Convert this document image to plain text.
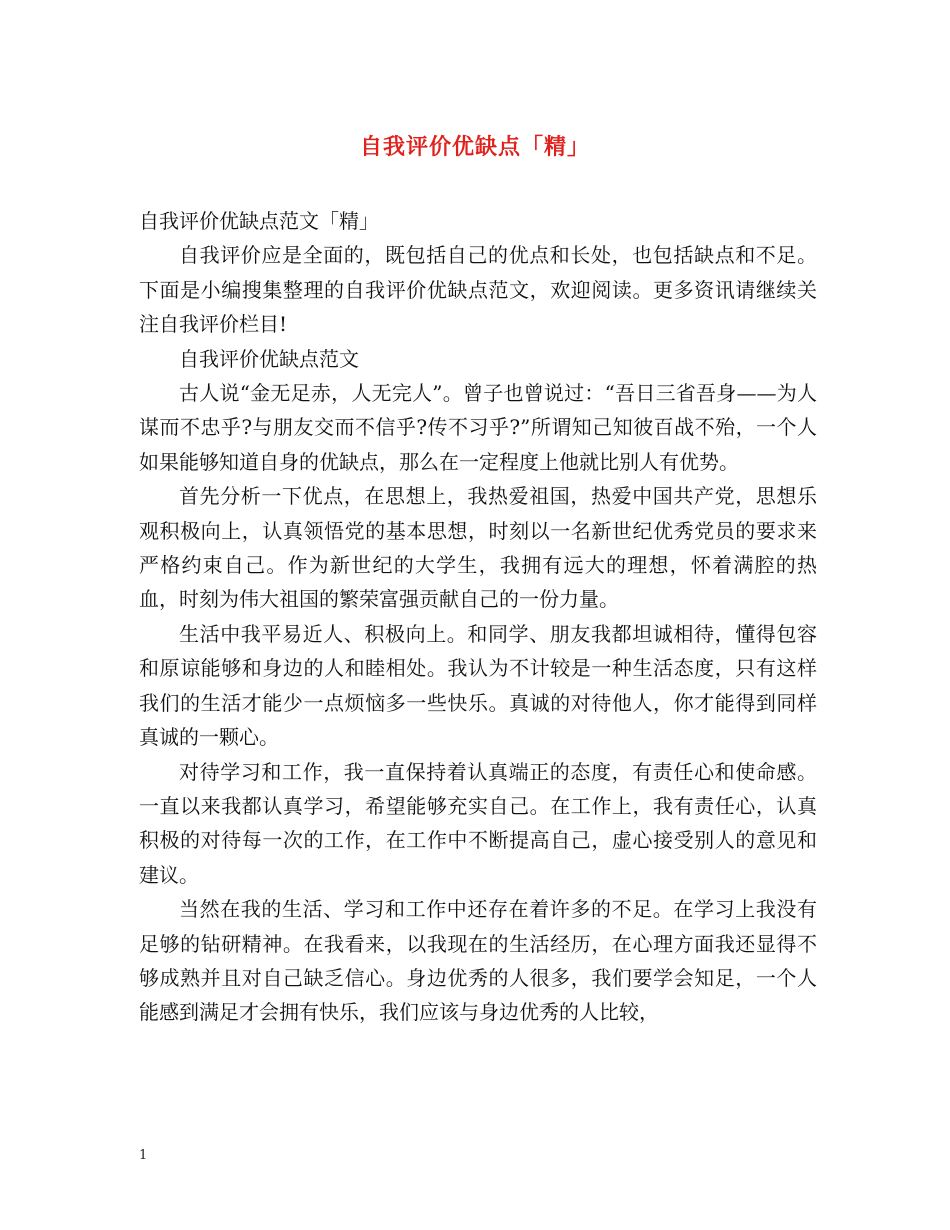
自我评价优缺点「精」

自我评价优缺点范文「精」

自我评价应是全面的，既包括自己的优点和长处，也包括缺点和不足。下面是小编搜集整理的自我评价优缺点范文，欢迎阅读。更多资讯请继续关注自我评价栏目!

自我评价优缺点范文

古人说“金无足赤，人无完人”。曾子也曾说过：“吾日三省吾身——为人谋而不忠乎?与朋友交而不信乎?传不习乎?”所谓知己知彼百战不殆，一个人如果能够知道自身的优缺点，那么在一定程度上他就比别人有优势。

首先分析一下优点，在思想上，我热爱祖国，热爱中国共产党，思想乐观积极向上，认真领悟党的基本思想，时刻以一名新世纪优秀党员的要求来严格约束自己。作为新世纪的大学生，我拥有远大的理想，怀着满腔的热血，时刻为伟大祖国的繁荣富强贡献自己的一份力量。

生活中我平易近人、积极向上。和同学、朋友我都坦诚相待，懂得包容和原谅能够和身边的人和睦相处。我认为不计较是一种生活态度，只有这样我们的生活才能少一点烦恼多一些快乐。真诚的对待他人，你才能得到同样真诚的一颗心。

对待学习和工作，我一直保持着认真端正的态度，有责任心和使命感。一直以来我都认真学习，希望能够充实自己。在工作上，我有责任心，认真积极的对待每一次的工作，在工作中不断提高自己，虚心接受别人的意见和建议。

当然在我的生活、学习和工作中还存在着许多的不足。在学习上我没有足够的钻研精神。在我看来，以我现在的生活经历，在心理方面我还显得不够成熟并且对自己缺乏信心。身边优秀的人很多，我们要学会知足，一个人能感到满足才会拥有快乐，我们应该与身边优秀的人比较，

1
